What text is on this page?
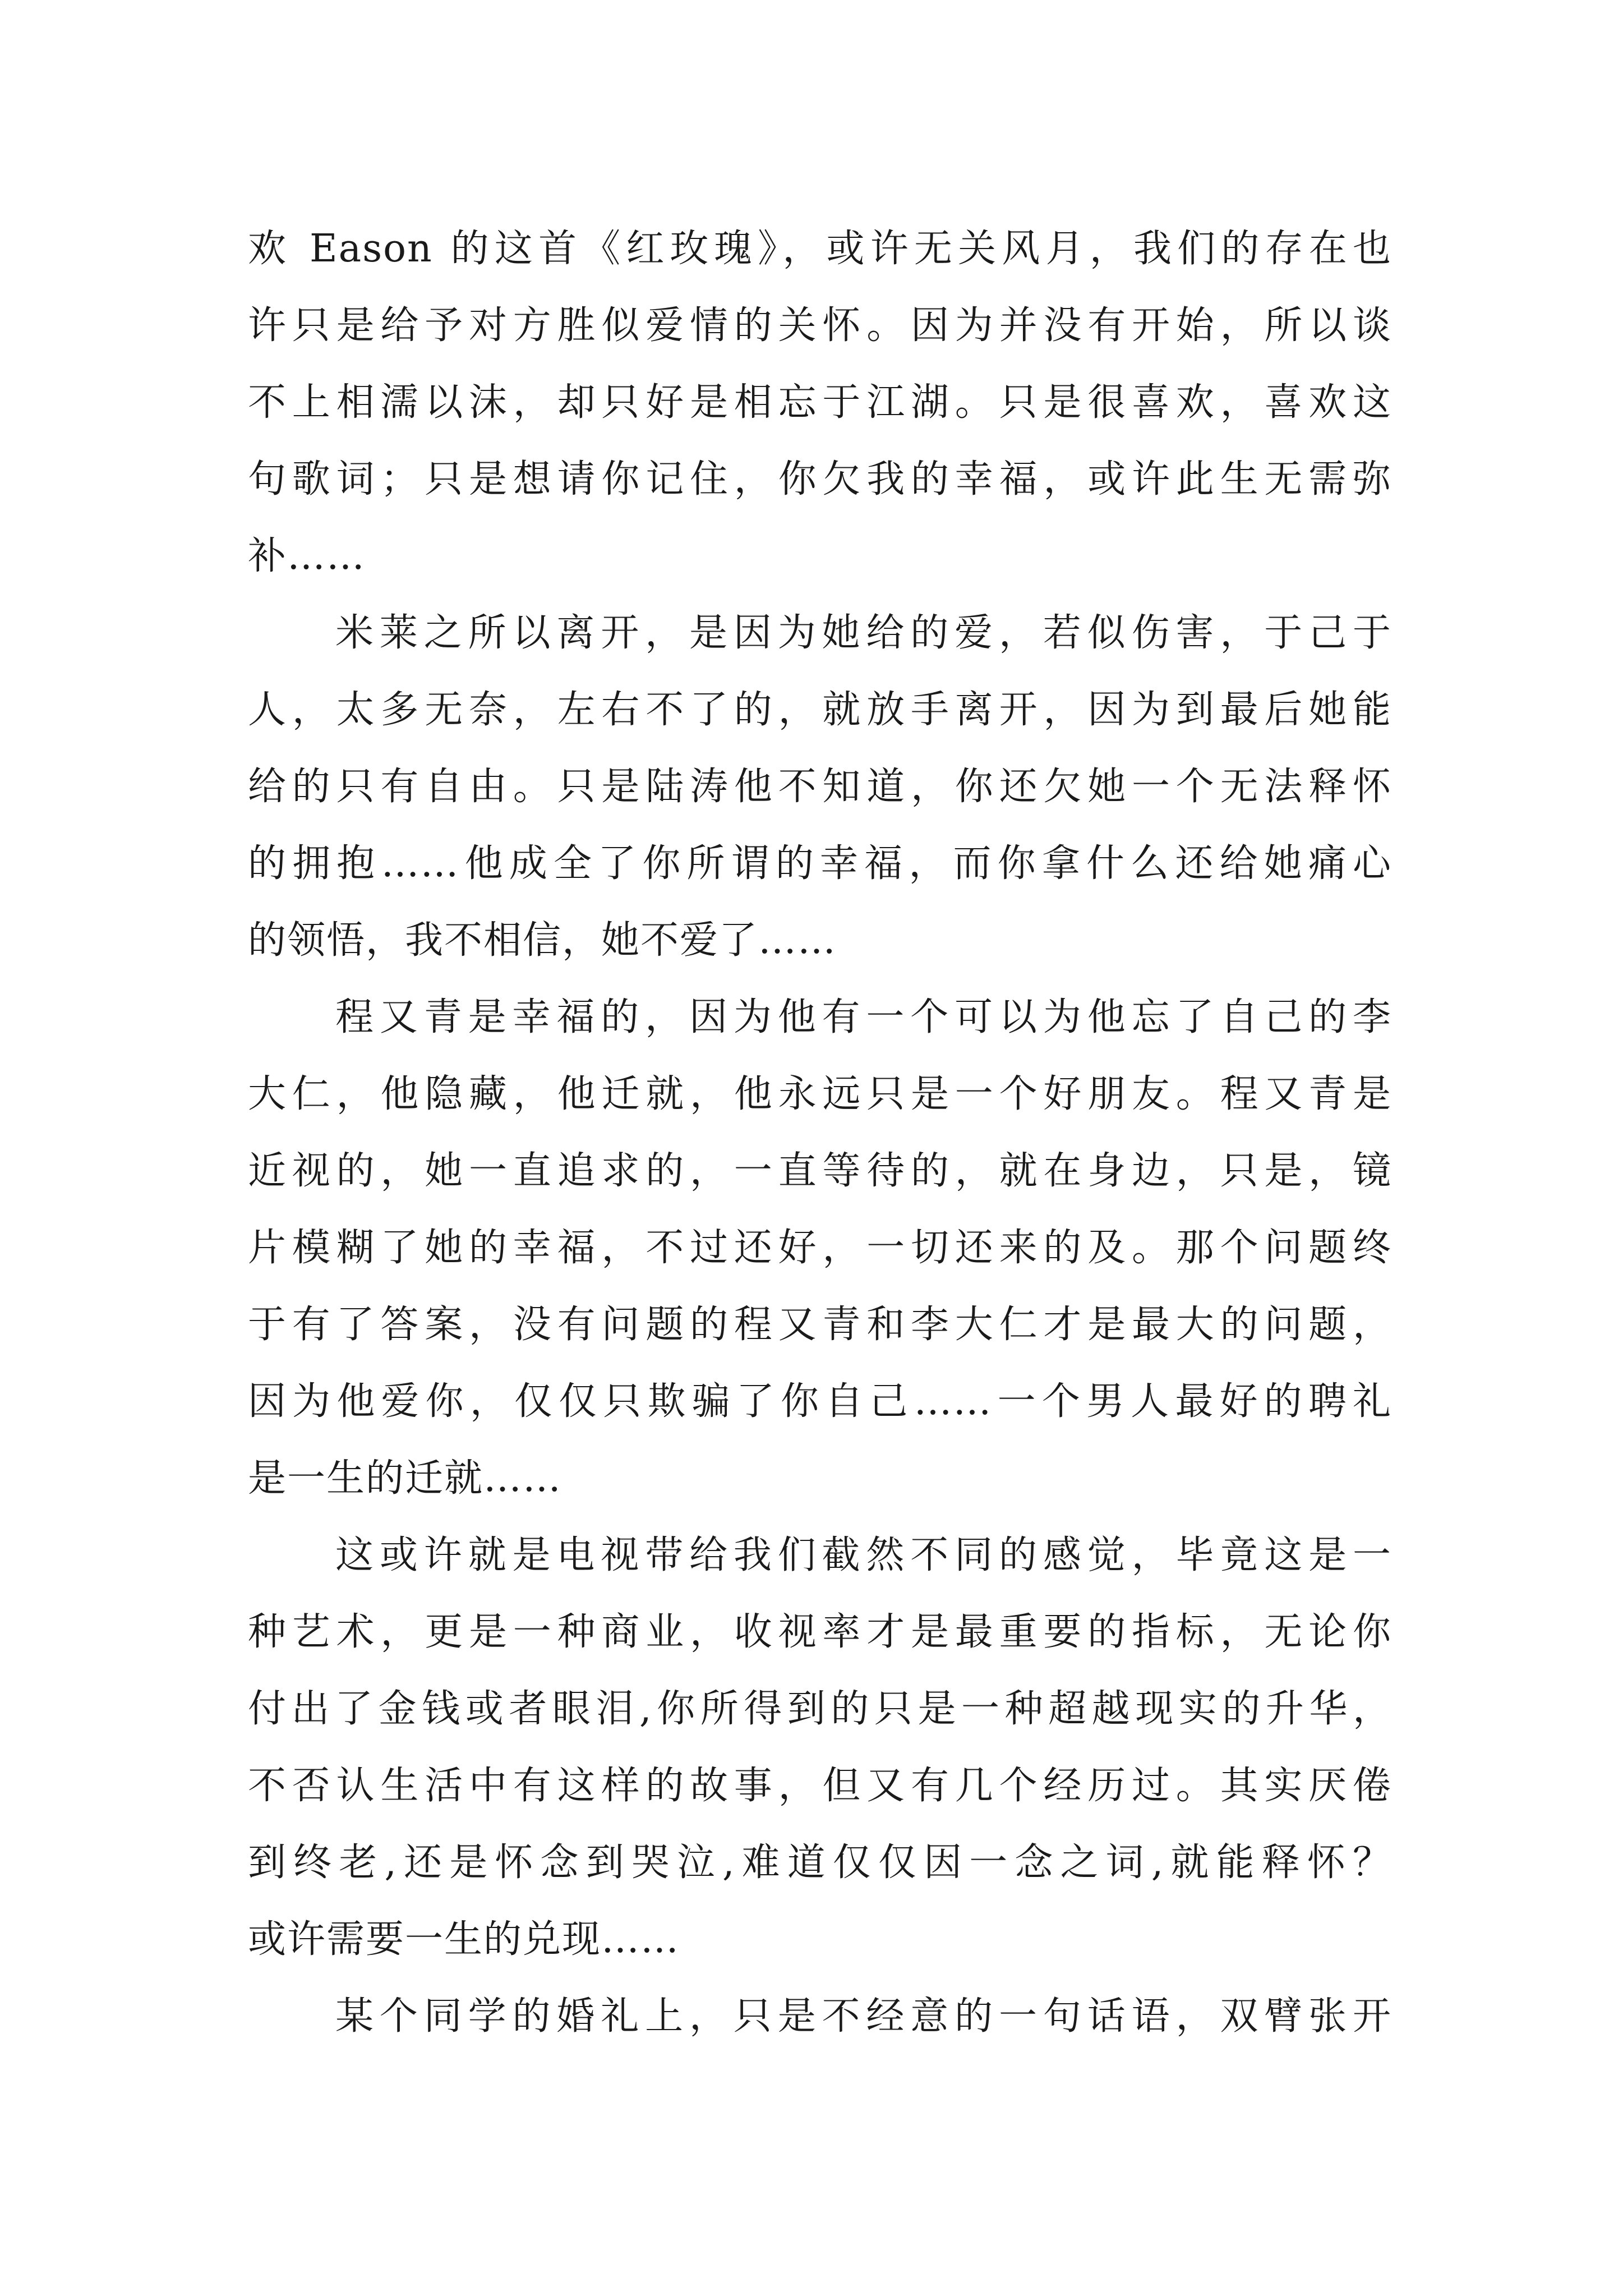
欢 Eason 的这首《红玫瑰》，或许无关风月，我们的存在也
许只是给予对方胜似爱情的关怀。因为并没有开始，所以谈
不上相濡以沫，却只好是相忘于江湖。只是很喜欢，喜欢这
句歌词；只是想请你记住，你欠我的幸福，或许此生无需弥
补……
米莱之所以离开，是因为她给的爱，若似伤害，于己于
人，太多无奈，左右不了的，就放手离开，因为到最后她能
给的只有自由。只是陆涛他不知道，你还欠她一个无法释怀
的拥抱……他成全了你所谓的幸福，而你拿什么还给她痛心
的领悟，我不相信，她不爱了……
程又青是幸福的，因为他有一个可以为他忘了自己的李
大仁，他隐藏，他迁就，他永远只是一个好朋友。程又青是
近视的，她一直追求的，一直等待的，就在身边，只是，镜
片模糊了她的幸福，不过还好，一切还来的及。那个问题终
于有了答案，没有问题的程又青和李大仁才是最大的问题，
因为他爱你，仅仅只欺骗了你自己……一个男人最好的聘礼
是一生的迁就……
这或许就是电视带给我们截然不同的感觉，毕竟这是一
种艺术，更是一种商业，收视率才是最重要的指标，无论你
付出了金钱或者眼泪,你所得到的只是一种超越现实的升华，
不否认生活中有这样的故事，但又有几个经历过。其实厌倦
到终老,还是怀念到哭泣,难道仅仅因一念之词,就能释怀？
或许需要一生的兑现……
某个同学的婚礼上，只是不经意的一句话语，双臂张开
